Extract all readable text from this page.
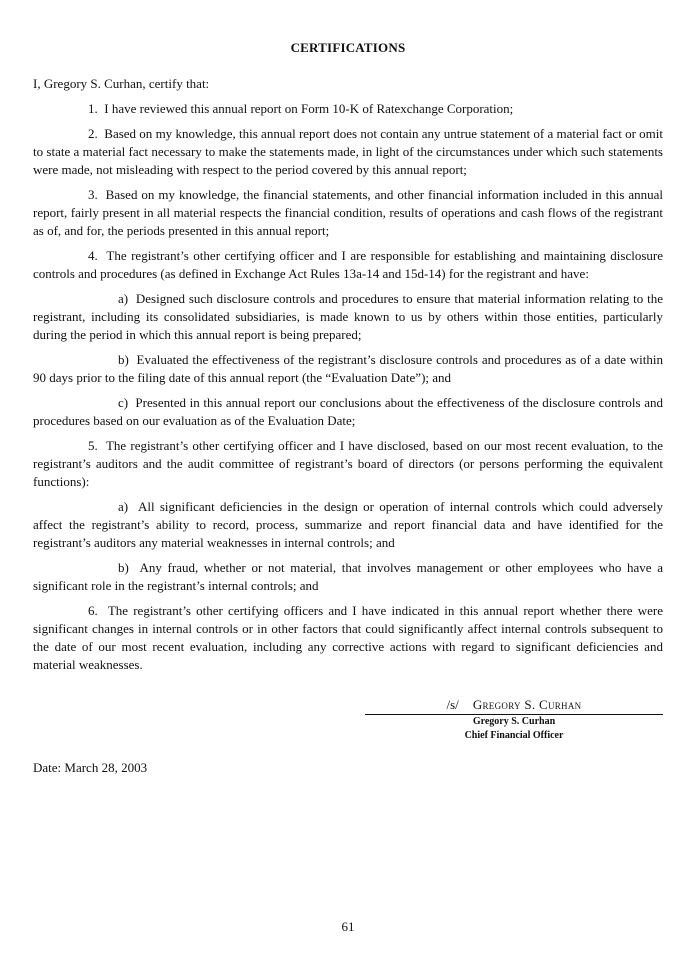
CERTIFICATIONS

I, Gregory S. Curhan, certify that:

1.  I have reviewed this annual report on Form 10-K of Ratexchange Corporation;

2.  Based on my knowledge, this annual report does not contain any untrue statement of a material fact or omit to state a material fact necessary to make the statements made, in light of the circumstances under which such statements were made, not misleading with respect to the period covered by this annual report;

3.  Based on my knowledge, the financial statements, and other financial information included in this annual report, fairly present in all material respects the financial condition, results of operations and cash flows of the registrant as of, and for, the periods presented in this annual report;

4.  The registrant’s other certifying officer and I are responsible for establishing and maintaining disclosure controls and procedures (as defined in Exchange Act Rules 13a-14 and 15d-14) for the registrant and have:

a)  Designed such disclosure controls and procedures to ensure that material information relating to the registrant, including its consolidated subsidiaries, is made known to us by others within those entities, particularly during the period in which this annual report is being prepared;

b)  Evaluated the effectiveness of the registrant’s disclosure controls and procedures as of a date within 90 days prior to the filing date of this annual report (the “Evaluation Date”); and

c)  Presented in this annual report our conclusions about the effectiveness of the disclosure controls and procedures based on our evaluation as of the Evaluation Date;

5.  The registrant’s other certifying officer and I have disclosed, based on our most recent evaluation, to the registrant’s auditors and the audit committee of registrant’s board of directors (or persons performing the equivalent functions):

a)  All significant deficiencies in the design or operation of internal controls which could adversely affect the registrant’s ability to record, process, summarize and report financial data and have identified for the registrant’s auditors any material weaknesses in internal controls; and

b)  Any fraud, whether or not material, that involves management or other employees who have a significant role in the registrant’s internal controls; and

6.  The registrant’s other certifying officers and I have indicated in this annual report whether there were significant changes in internal controls or in other factors that could significantly affect internal controls subsequent to the date of our most recent evaluation, including any corrective actions with regard to significant deficiencies and material weaknesses.

/s/ Gregory S. Curhan
Gregory S. Curhan
Chief Financial Officer
Date: March 28, 2003
61
